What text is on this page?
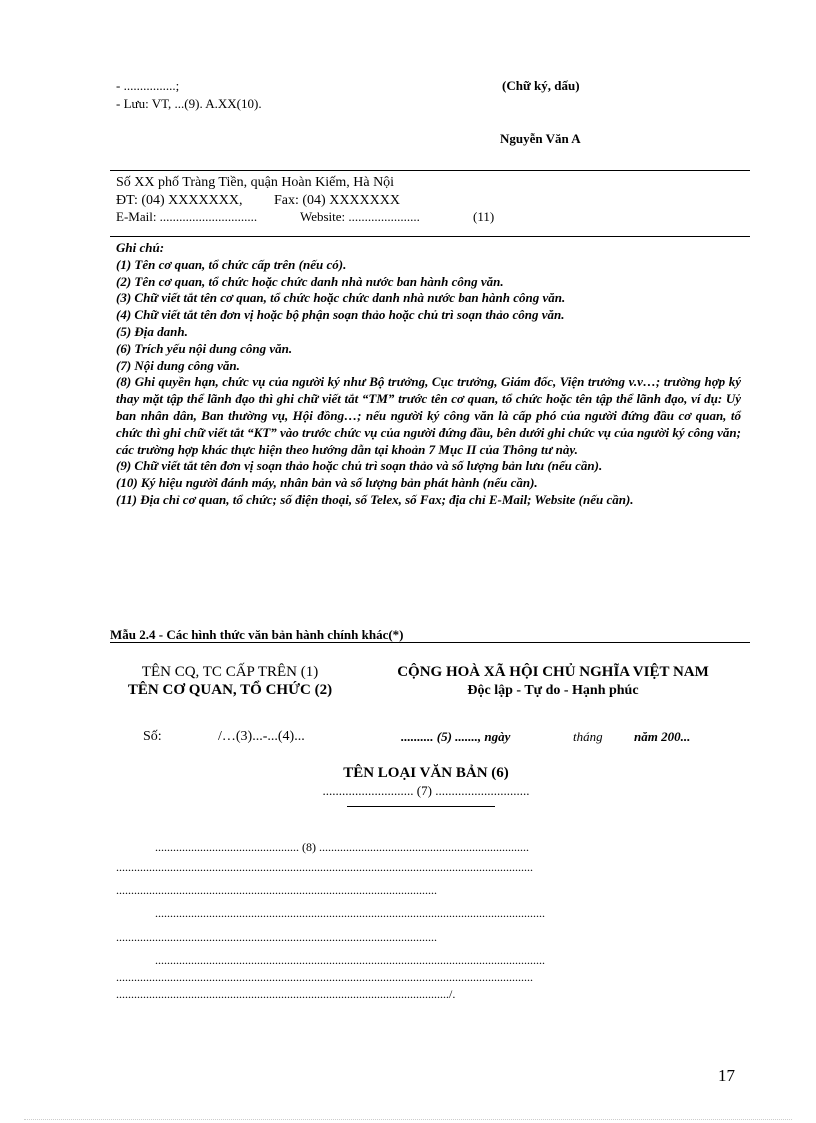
- ................;
- Lưu: VT, ...(9). A.XX(10).
(Chữ ký, dấu)
Nguyễn Văn A
Số XX phố Tràng Tiền, quận Hoàn Kiếm, Hà Nội
ĐT: (04) XXXXXXX, Fax: (04) XXXXXXX
E-Mail: ..............................	Website: ......................	(11)

Ghi chú:

(1) Tên cơ quan, tổ chức cấp trên (nếu có).

(2) Tên cơ quan, tổ chức hoặc chức danh nhà nước ban hành công văn.

(3) Chữ viết tắt tên cơ quan, tổ chức hoặc chức danh nhà nước ban hành công văn.

(4) Chữ viết tắt tên đơn vị hoặc bộ phận soạn thảo hoặc chủ trì soạn thảo công văn.

(5) Địa danh.

(6) Trích yếu nội dung công văn.

(7) Nội dung công văn.

(8) Ghi quyền hạn, chức vụ của người ký như Bộ trưởng, Cục trưởng, Giám đốc, Viện trưởng v.v…; trường hợp ký thay mặt tập thể lãnh đạo thì ghi chữ viết tắt “TM” trước tên cơ quan, tổ chức hoặc tên tập thể lãnh đạo, ví dụ: Uỷ ban nhân dân, Ban thường vụ, Hội đồng…; nếu người ký công văn là cấp phó của người đứng đầu cơ quan, tổ chức thì ghi chữ viết tắt “KT” vào trước chức vụ của người đứng đầu, bên dưới ghi chức vụ của người ký công văn; các trường hợp khác thực hiện theo hướng dẫn tại khoản 7 Mục II của Thông tư này.

(9) Chữ viết tắt tên đơn vị soạn thảo hoặc chủ trì soạn thảo và số lượng bản lưu (nếu cần).

(10) Ký hiệu người đánh máy, nhân bản và số lượng bản phát hành (nếu cần).

(11) Địa chỉ cơ quan, tổ chức; số điện thoại, số Telex, số Fax; địa chỉ E-Mail; Website (nếu cần).

Mẫu 2.4 - Các hình thức văn bản hành chính khác(*)
TÊN CQ, TC CẤP TRÊN (1)
TÊN CƠ QUAN, TỔ CHỨC (2)
CỘNG HOÀ XÃ HỘI CHỦ NGHĨA VIỆT NAM
Độc lập - Tự do - Hạnh phúc
Số:	/…(3)...-...(4)...	.......... (5) ......., ngày	tháng năm 200...
TÊN LOẠI VĂN BẢN (6)
............................ (7) .............................
................................................ (8) ......................................................................
...........................................................................................................................................
...........................................................................................................
..................................................................................................................................
...........................................................................................................
..................................................................................................................................
...........................................................................................................................................
.............................................................................................................../.
17
